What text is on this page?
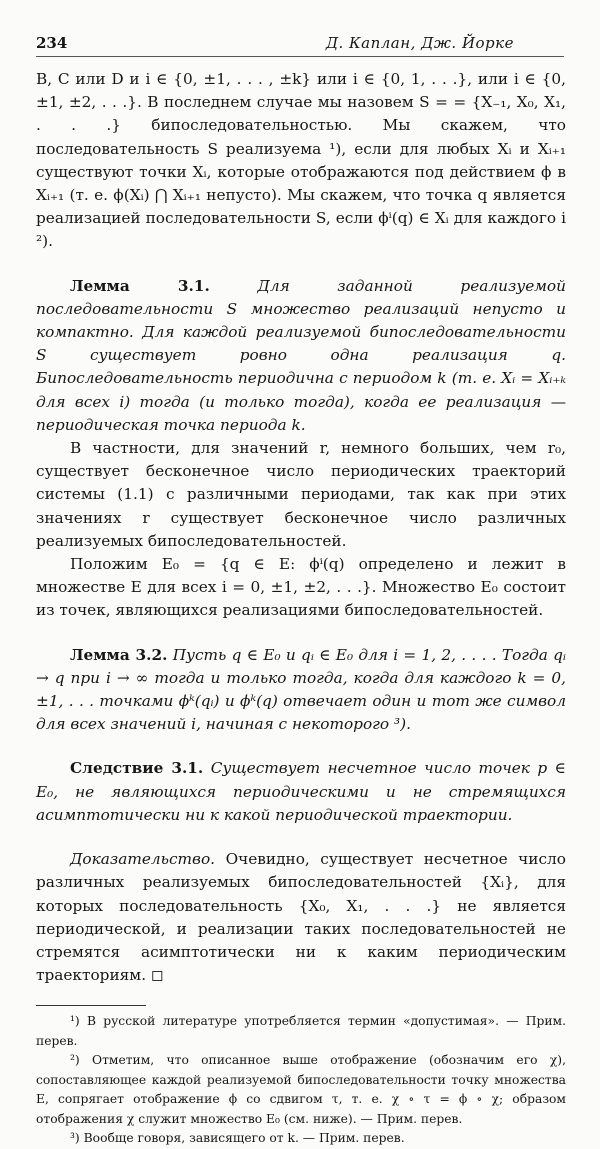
234	Д. Каплан, Дж. Йорке

B, C или D и i ∈ {0, ±1, . . . , ±k} или i ∈ {0, 1, . . .}, или i ∈ {0, ±1, ±2, . . .}. В последнем случае мы назовем S = = {X₋₁, X₀, X₁, . . .} бипоследовательностью. Мы скажем, что последовательность S реализуема ¹), если для любых Xᵢ и Xᵢ₊₁ существуют точки Xᵢ, которые отображаются под действием ϕ в Xᵢ₊₁ (т. е. ϕ(Xᵢ) ⋂ Xᵢ₊₁ непусто). Мы скажем, что точка q является реализацией последовательности S, если ϕⁱ(q) ∈ Xᵢ для каждого i ²).

Лемма 3.1.	Для заданной реализуемой последовательности S множество реализаций непусто и компактно. Для каждой реализуемой бипоследовательности S существует ровно одна реализация q. Бипоследовательность периодична с периодом k (т. е. Xᵢ = Xᵢ₊ₖ для всех i) тогда (и только тогда), когда ее реализация — периодическая точка периода k.

В частности, для значений r, немного больших, чем r₀, существует бесконечное число периодических траекторий системы (1.1) с различными периодами, так как при этих значениях r существует бесконечное число различных реализуемых бипоследовательностей.

Положим E₀ = {q ∈ E: ϕⁱ(q) определено и лежит в множестве E для всех i = 0, ±1, ±2, . . .}. Множество E₀ состоит из точек, являющихся реализациями бипоследовательностей.

Лемма 3.2. Пусть q ∈ E₀ и qᵢ ∈ E₀ для i = 1, 2, . . . . Тогда qᵢ → q при i → ∞ тогда и только тогда, когда для каждого k = 0, ±1, . . . точками ϕᵏ(qᵢ) и ϕᵏ(q) отвечает один и тот же символ для всех значений i, начиная с некоторого ³).

Следствие 3.1. Существует несчетное число точек p ∈ E₀, не являющихся периодическими и не стремящихся асимптотически ни к какой периодической траектории.

Доказательство. Очевидно, существует несчетное число различных реализуемых бипоследовательностей {Xᵢ}, для которых последовательность {X₀, X₁, . . .} не является периодической, и реализации таких последовательностей не стремятся асимптотически ни к каким периодическим траекториям. ◻

¹) В русской литературе употребляется термин «допустимая». — Прим. перев.

²) Отметим, что описанное выше отображение (обозначим его χ), сопоставляющее каждой реализуемой бипоследовательности точку множества E, сопрягает отображение ϕ со сдвигом τ, т. е. χ ∘ τ = ϕ ∘ χ; образом отображения χ служит множество E₀ (см. ниже). — Прим. перев.

³) Вообще говоря, зависящего от k. — Прим. перев.
